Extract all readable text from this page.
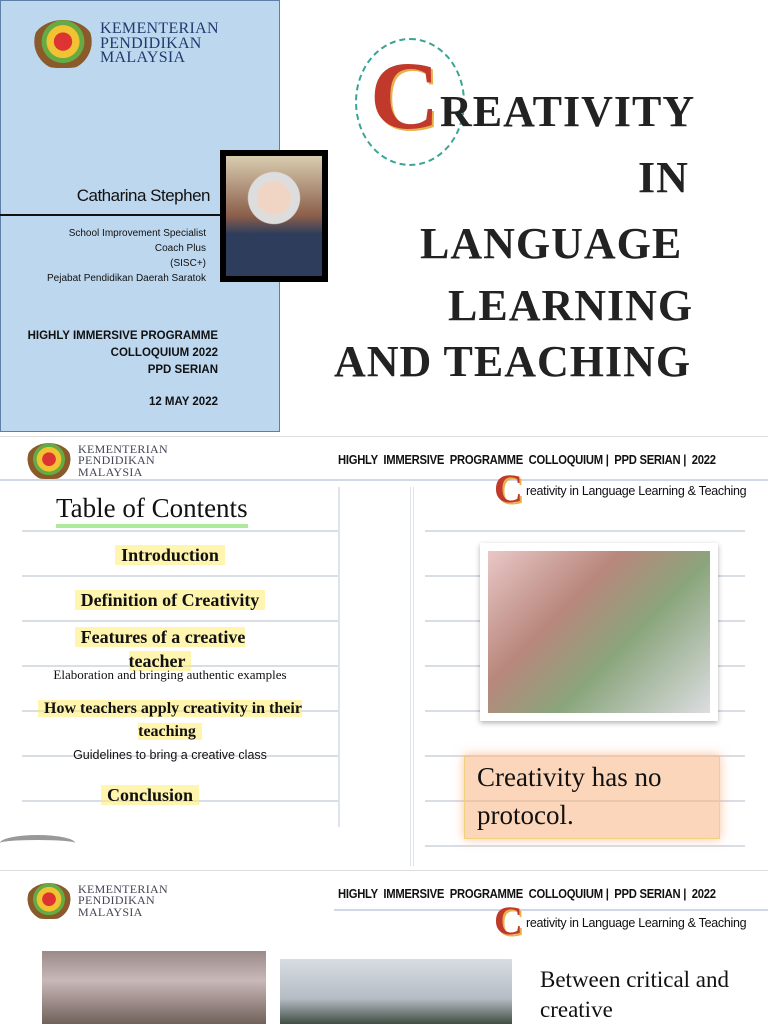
KEMENTERIAN
PENDIDIKAN
MALAYSIA
Catharina Stephen
School Improvement Specialist
Coach Plus
(SISC+)
Pejabat Pendidikan Daerah Saratok
HIGHLY IMMERSIVE PROGRAMME
COLLOQUIUM 2022
PPD SERIAN
12 MAY 2022
C REATIVITY
IN
LANGUAGE
LEARNING
AND TEACHING
KEMENTERIAN
PENDIDIKAN
MALAYSIA
HIGHLY  IMMERSIVE  PROGRAMME  COLLOQUIUM |  PPD SERIAN |  2022
C reativity in Language Learning & Teaching
Table of Contents
Introduction
Definition of Creativity
Features of a creative teacher
Elaboration and bringing authentic examples
How teachers apply creativity in their teaching
Guidelines to bring a creative class
Conclusion
Creativity has no protocol.
KEMENTERIAN
PENDIDIKAN
MALAYSIA
HIGHLY  IMMERSIVE  PROGRAMME  COLLOQUIUM |  PPD SERIAN |  2022
C reativity in Language Learning & Teaching
Between critical and creative
